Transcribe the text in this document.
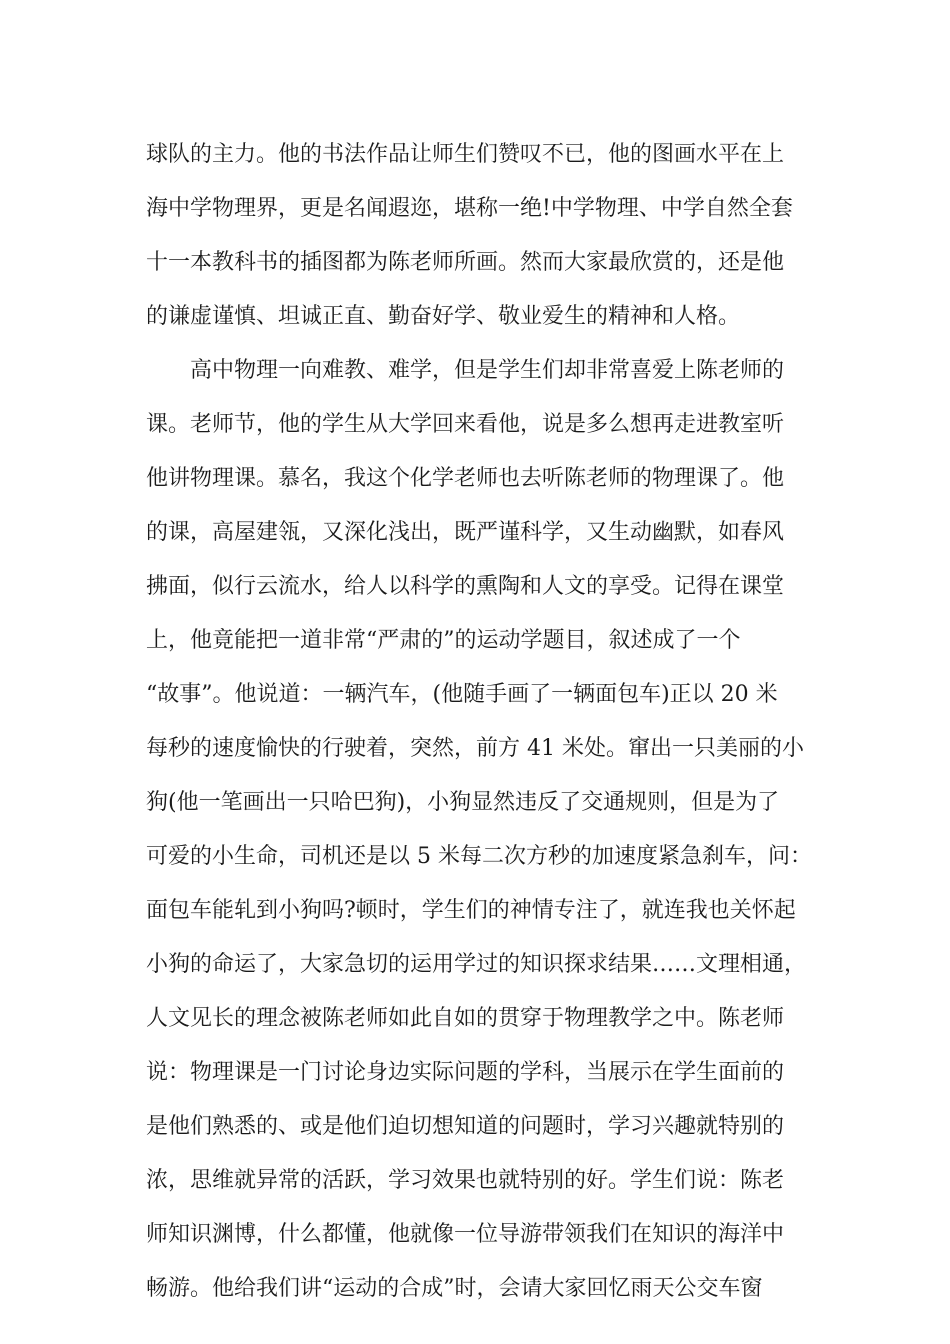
球队的主力。他的书法作品让师生们赞叹不已，他的图画水平在上
海中学物理界，更是名闻遐迩，堪称一绝!中学物理、中学自然全套
十一本教科书的插图都为陈老师所画。然而大家最欣赏的，还是他
的谦虚谨慎、坦诚正直、勤奋好学、敬业爱生的精神和人格。
高中物理一向难教、难学，但是学生们却非常喜爱上陈老师的
课。老师节，他的学生从大学回来看他，说是多么想再走进教室听
他讲物理课。慕名，我这个化学老师也去听陈老师的物理课了。他
的课，高屋建瓴，又深化浅出，既严谨科学，又生动幽默，如春风
拂面，似行云流水，给人以科学的熏陶和人文的享受。记得在课堂
上，他竟能把一道非常“严肃的”的运动学题目，叙述成了一个
“故事”。他说道：一辆汽车，(他随手画了一辆面包车)正以 20 米
每秒的速度愉快的行驶着，突然，前方 41 米处。窜出一只美丽的小
狗(他一笔画出一只哈巴狗)，小狗显然违反了交通规则，但是为了
可爱的小生命，司机还是以 5 米每二次方秒的加速度紧急刹车，问：
面包车能轧到小狗吗?顿时，学生们的神情专注了，就连我也关怀起
小狗的命运了，大家急切的运用学过的知识探求结果……文理相通，
人文见长的理念被陈老师如此自如的贯穿于物理教学之中。陈老师
说：物理课是一门讨论身边实际问题的学科，当展示在学生面前的
是他们熟悉的、或是他们迫切想知道的问题时，学习兴趣就特别的
浓，思维就异常的活跃，学习效果也就特别的好。学生们说：陈老
师知识渊博，什么都懂，他就像一位导游带领我们在知识的海洋中
畅游。他给我们讲“运动的合成”时，会请大家回忆雨天公交车窗
